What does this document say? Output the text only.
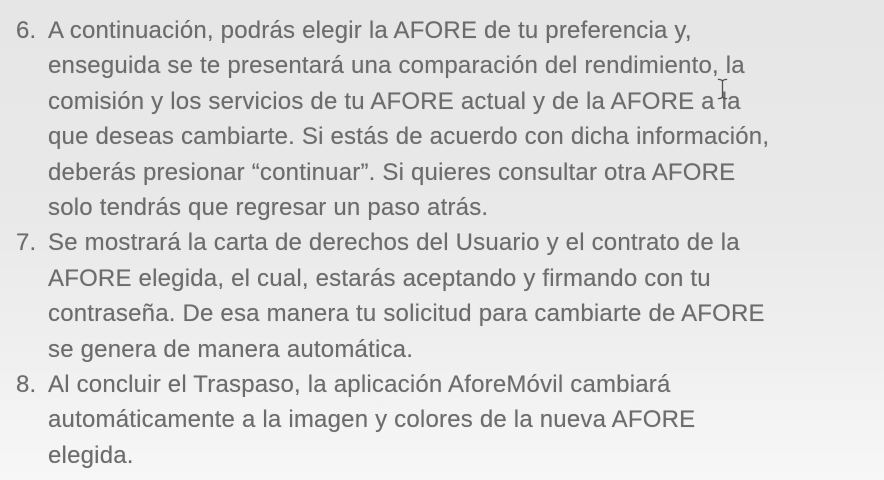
6. A continuación, podrás elegir la AFORE de tu preferencia y,
enseguida se te presentará una comparación del rendimiento, la
comisión y los servicios de tu AFORE actual y de la AFORE a la
que deseas cambiarte. Si estás de acuerdo con dicha información,
deberás presionar “continuar”. Si quieres consultar otra AFORE
solo tendrás que regresar un paso atrás.
7. Se mostrará la carta de derechos del Usuario y el contrato de la
AFORE elegida, el cual, estarás aceptando y firmando con tu
contraseña. De esa manera tu solicitud para cambiarte de AFORE
se genera de manera automática.
8. Al concluir el Traspaso, la aplicación AforeMóvil cambiará
automáticamente a la imagen y colores de la nueva AFORE
elegida.
